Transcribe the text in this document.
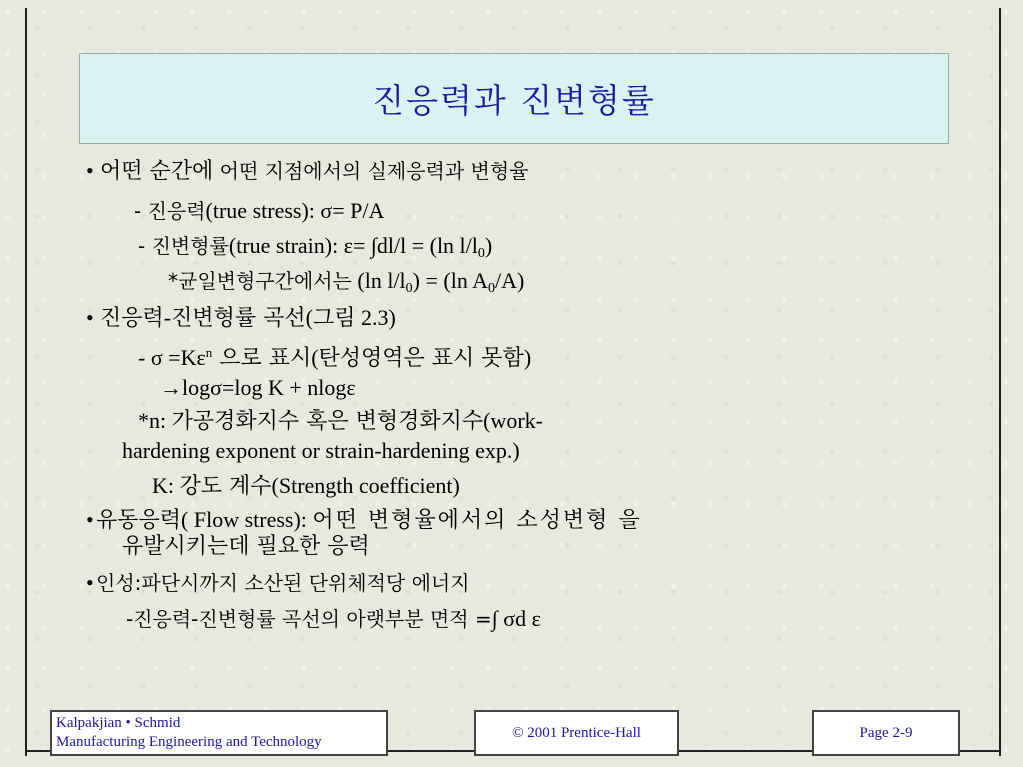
진응력과 진변형률
• 어떤 순간에 어떤 지점에서의 실제응력과 변형율
- 진응력(true stress): σ= P/A
- 진변형률(true strain): ε= ∫dl/l = (ln $l/l_0$)
*균일변형구간에서는 (ln $l/l_0) = (\ln$ $A_0/A$)
• 진응력-진변형률 곡선(그림 2.3)
- $\sigma =K\varepsilon^n$ 으로 표시(탄성영역은 표시 못함)
→logσ=log K + nlogε
*n: 가공경화지수 혹은 변형경화지수(work-
hardening exponent or strain-hardening exp.)
K: 강도 계수(Strength coefficient)
• 유동응력( Flow stress): 어떤 변형율에서의 소성변형 을
유발시키는데 필요한 응력
• 인성:파단시까지 소산된 단위체적당 에너지
-진응력-진변형률 곡선의 아랫부분 면적 =∫ σd ε
Kalpakjian • Schmid
Manufacturing Engineering and Technology
© 2001 Prentice-Hall	Page 2-9
